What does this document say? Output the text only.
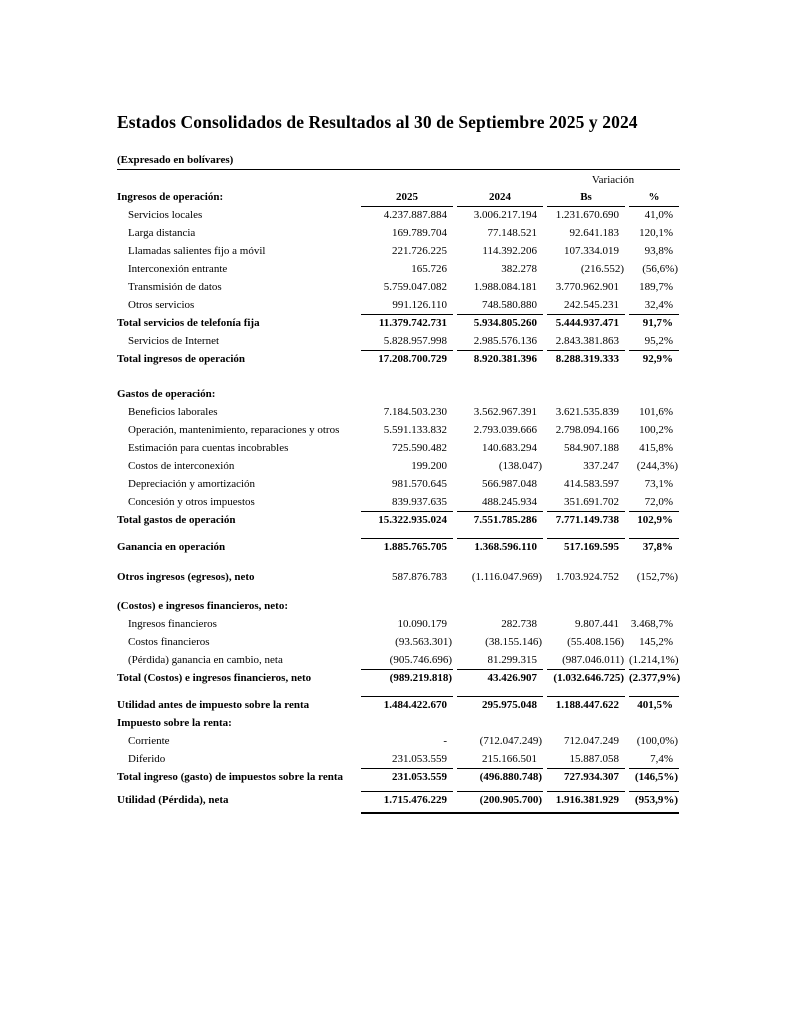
Estados Consolidados de Resultados al 30 de Septiembre 2025 y 2024
(Expresado en bolívares)
Variación
Ingresos de operación:	2025	2024	Bs	%
Servicios locales	4.237.887.884	3.006.217.194	1.231.670.690	41,0%
Larga distancia	169.789.704	77.148.521	92.641.183	120,1%
Llamadas salientes fijo a móvil	221.726.225	114.392.206	107.334.019	93,8%
Interconexión entrante	165.726	382.278	(216.552)	(56,6%)
Transmisión de datos	5.759.047.082	1.988.084.181	3.770.962.901	189,7%
Otros servicios	991.126.110	748.580.880	242.545.231	32,4%
Total servicios de telefonía fija	11.379.742.731	5.934.805.260	5.444.937.471	91,7%
Servicios de Internet	5.828.957.998	2.985.576.136	2.843.381.863	95,2%
Total ingresos de operación	17.208.700.729	8.920.381.396	8.288.319.333	92,9%
Gastos de operación:
Beneficios laborales	7.184.503.230	3.562.967.391	3.621.535.839	101,6%
Operación, mantenimiento, reparaciones y otros	5.591.133.832	2.793.039.666	2.798.094.166	100,2%
Estimación para cuentas incobrables	725.590.482	140.683.294	584.907.188	415,8%
Costos de interconexión	199.200	(138.047)	337.247	(244,3%)
Depreciación y amortización	981.570.645	566.987.048	414.583.597	73,1%
Concesión y otros impuestos	839.937.635	488.245.934	351.691.702	72,0%
Total gastos de operación	15.322.935.024	7.551.785.286	7.771.149.738	102,9%
Ganancia en operación	1.885.765.705	1.368.596.110	517.169.595	37,8%
Otros ingresos (egresos), neto	587.876.783	(1.116.047.969)	1.703.924.752	(152,7%)
(Costos) e ingresos financieros, neto:
Ingresos financieros	10.090.179	282.738	9.807.441	3.468,7%
Costos financieros	(93.563.301)	(38.155.146)	(55.408.156)	145,2%
(Pérdida) ganancia en cambio, neta	(905.746.696)	81.299.315	(987.046.011) (1.214,1%)
Total (Costos) e ingresos financieros, neto	(989.219.818)	43.426.907	(1.032.646.725) (2.377,9%)
Utilidad antes de impuesto sobre la renta	1.484.422.670	295.975.048	1.188.447.622	401,5%
Impuesto sobre la renta:
Corriente	-	(712.047.249)	712.047.249	(100,0%)
Diferido	231.053.559	215.166.501	15.887.058	7,4%
Total ingreso (gasto) de impuestos sobre la renta	231.053.559	(496.880.748)	727.934.307	(146,5%)
Utilidad (Pérdida), neta	1.715.476.229	(200.905.700)	1.916.381.929	(953,9%)
